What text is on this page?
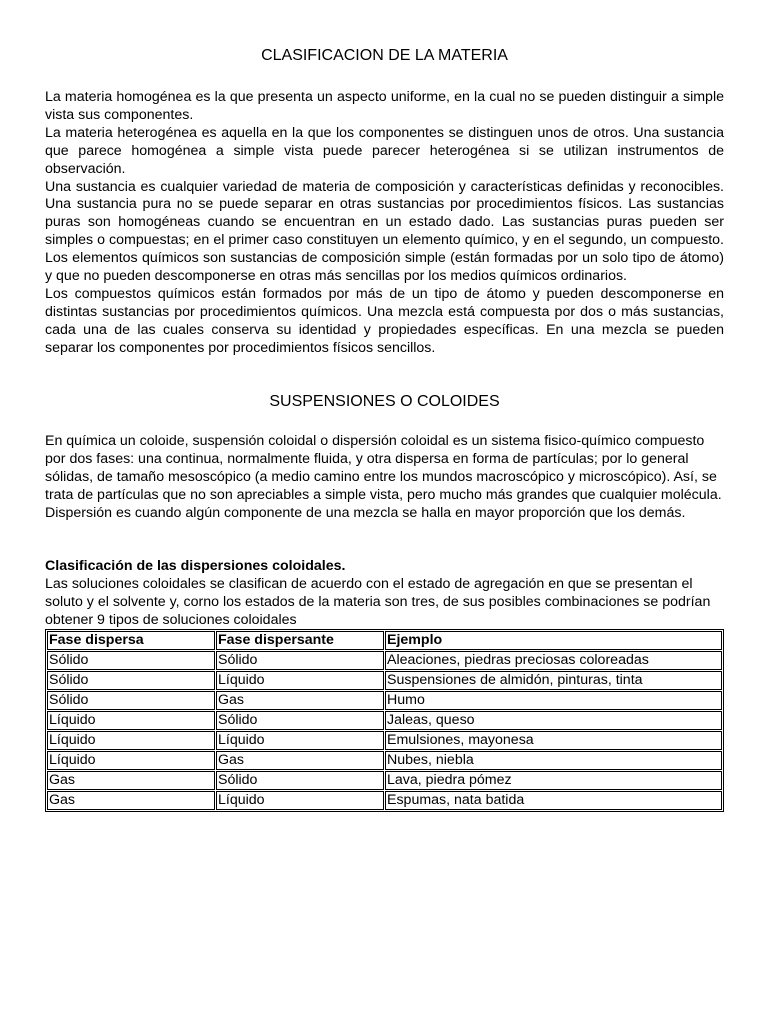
CLASIFICACION DE LA MATERIA

La materia homogénea es la que presenta un aspecto uniforme, en la cual no se pueden distinguir a simple vista sus componentes.

La materia heterogénea es aquella en la que los componentes se distinguen unos de otros. Una sustancia que parece homogénea a simple vista puede parecer heterogénea si se utilizan instrumentos de observación.

Una sustancia es cualquier variedad de materia de composición y características definidas y reconocibles. Una sustancia pura no se puede separar en otras sustancias por procedimientos físicos. Las sustancias puras son homogéneas cuando se encuentran en un estado dado. Las sustancias puras pueden ser simples o compuestas; en el primer caso constituyen un elemento químico, y en el segundo, un compuesto. Los elementos químicos son sustancias de composición simple (están formadas por un solo tipo de átomo) y que no pueden descomponerse en otras más sencillas por los medios químicos ordinarios.

Los compuestos químicos están formados por más de un tipo de átomo y pueden descomponerse en distintas sustancias por procedimientos químicos. Una mezcla está compuesta por dos o más sustancias, cada una de las cuales conserva su identidad y propiedades específicas. En una mezcla se pueden separar los componentes por procedimientos físicos sencillos.

SUSPENSIONES O COLOIDES

En química un coloide, suspensión coloidal o dispersión coloidal es un sistema fisico-químico compuesto por dos fases: una continua, normalmente fluida, y otra dispersa en forma de partículas; por lo general sólidas, de tamaño mesoscópico (a medio camino entre los mundos macroscópico y microscópico). Así, se trata de partículas que no son apreciables a simple vista, pero mucho más grandes que cualquier molécula. Dispersión es cuando algún componente de una mezcla se halla en mayor proporción que los demás.

Clasificación de las dispersiones coloidales.

Las soluciones coloidales se clasifican de acuerdo con el estado de agregación en que se presentan el soluto y el solvente y, corno los estados de la materia son tres, de sus posibles combinaciones se podrían obtener 9 tipos de soluciones coloidales

Fase dispersa	Fase dispersante	Ejemplo
Sólido	Sólido	Aleaciones, piedras preciosas coloreadas
Sólido	Líquido	Suspensiones de almidón, pinturas, tinta
Sólido	Gas	Humo
Líquido	Sólido	Jaleas, queso
Líquido	Líquido	Emulsiones, mayonesa
Líquido	Gas	Nubes, niebla
Gas	Sólido	Lava, piedra pómez
Gas	Líquido	Espumas, nata batida
